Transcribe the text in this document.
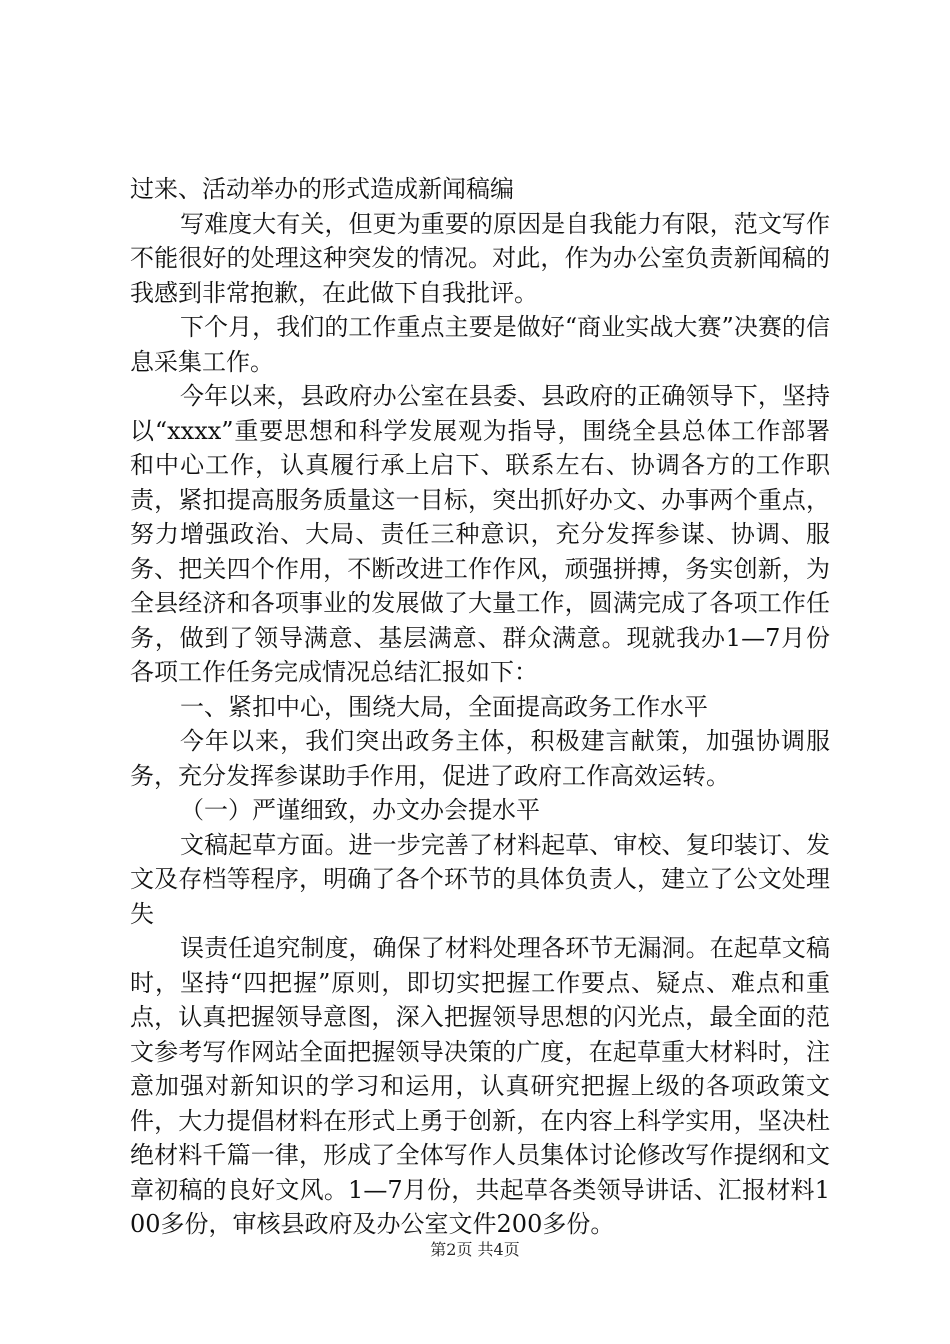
过来、活动举办的形式造成新闻稿编

写难度大有关，但更为重要的原因是自我能力有限，范文写作不能很好的处理这种突发的情况。对此，作为办公室负责新闻稿的我感到非常抱歉，在此做下自我批评。

下个月，我们的工作重点主要是做好“商业实战大赛”决赛的信息采集工作。

今年以来，县政府办公室在县委、县政府的正确领导下，坚持以“xxxx”重要思想和科学发展观为指导，围绕全县总体工作部署和中心工作，认真履行承上启下、联系左右、协调各方的工作职责，紧扣提高服务质量这一目标，突出抓好办文、办事两个重点，努力增强政治、大局、责任三种意识，充分发挥参谋、协调、服务、把关四个作用，不断改进工作作风，顽强拼搏，务实创新，为全县经济和各项事业的发展做了大量工作，圆满完成了各项工作任务，做到了领导满意、基层满意、群众满意。现就我办1—7月份各项工作任务完成情况总结汇报如下：

一、紧扣中心，围绕大局，全面提高政务工作水平

今年以来，我们突出政务主体，积极建言献策，加强协调服务，充分发挥参谋助手作用，促进了政府工作高效运转。

（一）严谨细致，办文办会提水平

文稿起草方面。进一步完善了材料起草、审校、复印装订、发文及存档等程序，明确了各个环节的具体负责人，建立了公文处理失

误责任追究制度，确保了材料处理各环节无漏洞。在起草文稿时，坚持“四把握”原则，即切实把握工作要点、疑点、难点和重点，认真把握领导意图，深入把握领导思想的闪光点，最全面的范文参考写作网站全面把握领导决策的广度，在起草重大材料时，注意加强对新知识的学习和运用，认真研究把握上级的各项政策文件，大力提倡材料在形式上勇于创新，在内容上科学实用，坚决杜绝材料千篇一律，形成了全体写作人员集体讨论修改写作提纲和文章初稿的良好文风。1—7月份，共起草各类领导讲话、汇报材料100多份，审核县政府及办公室文件200多份。

第2页 共4页
